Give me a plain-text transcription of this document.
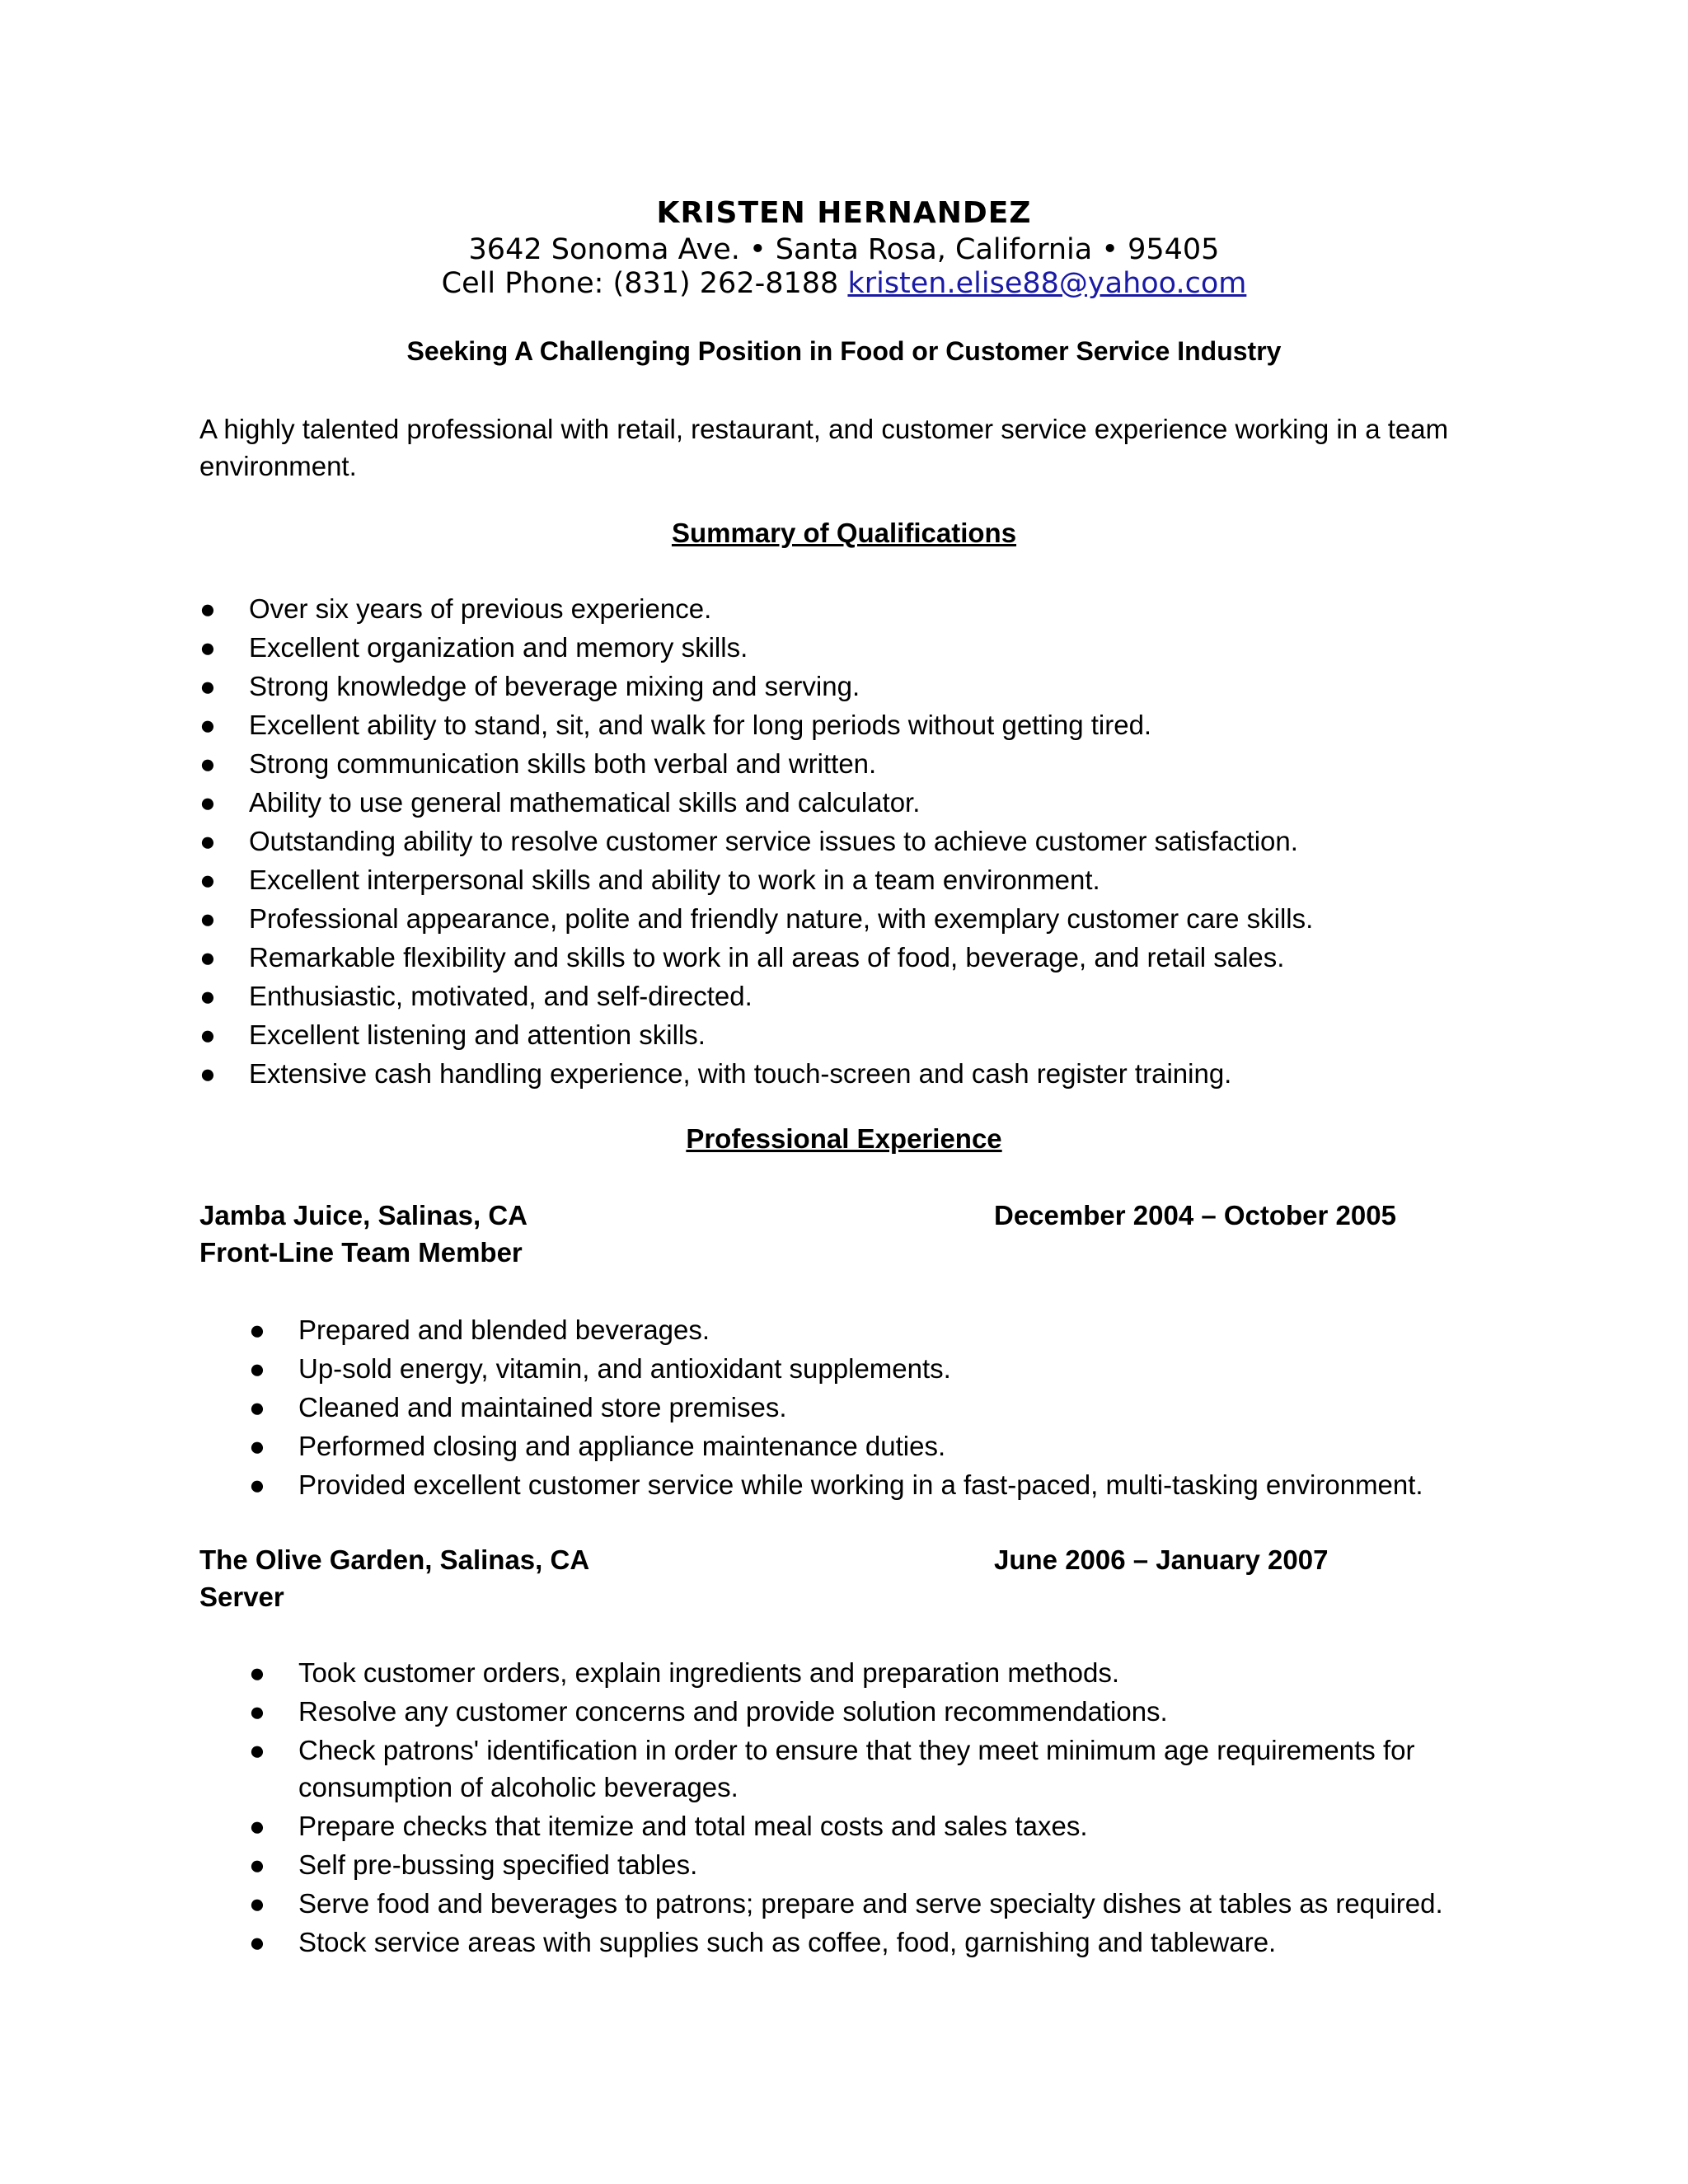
KRISTEN HERNANDEZ
3642 Sonoma Ave. • Santa Rosa, California • 95405
Cell Phone: (831) 262-8188 kristen.elise88@yahoo.com
Seeking A Challenging Position in Food or Customer Service Industry
A highly talented professional with retail, restaurant, and customer service experience working in a team environment.
Summary of Qualifications
● Over six years of previous experience.
● Excellent organization and memory skills.
● Strong knowledge of beverage mixing and serving.
● Excellent ability to stand, sit, and walk for long periods without getting tired.
● Strong communication skills both verbal and written.
● Ability to use general mathematical skills and calculator.
● Outstanding ability to resolve customer service issues to achieve customer satisfaction.
● Excellent interpersonal skills and ability to work in a team environment.
● Professional appearance, polite and friendly nature, with exemplary customer care skills.
● Remarkable flexibility and skills to work in all areas of food, beverage, and retail sales.
● Enthusiastic, motivated, and self-directed.
● Excellent listening and attention skills.
● Extensive cash handling experience, with touch-screen and cash register training.
Professional Experience
Jamba Juice, Salinas, CA	December 2004 – October 2005
Front-Line Team Member
● Prepared and blended beverages.
● Up-sold energy, vitamin, and antioxidant supplements.
● Cleaned and maintained store premises.
● Performed closing and appliance maintenance duties.
● Provided excellent customer service while working in a fast-paced, multi-tasking environment.
The Olive Garden, Salinas, CA	June 2006 – January 2007
Server
● Took customer orders, explain ingredients and preparation methods.
● Resolve any customer concerns and provide solution recommendations.
● Check patrons' identification in order to ensure that they meet minimum age requirements for consumption of alcoholic beverages.
● Prepare checks that itemize and total meal costs and sales taxes.
● Self pre-bussing specified tables.
● Serve food and beverages to patrons; prepare and serve specialty dishes at tables as required.
● Stock service areas with supplies such as coffee, food, garnishing and tableware.
